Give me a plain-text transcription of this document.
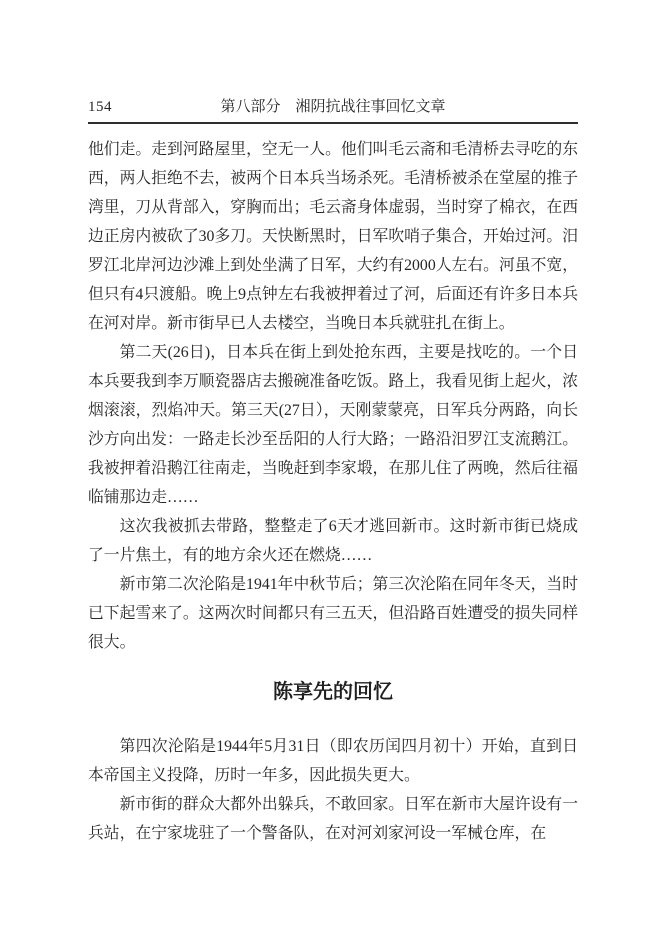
154	第八部分　湘阴抗战往事回忆文章

他们走。走到河路屋里，空无一人。他们叫毛云斋和毛清桥去寻吃的东西，两人拒绝不去，被两个日本兵当场杀死。毛清桥被杀在堂屋的推子湾里，刀从背部入，穿胸而出；毛云斋身体虚弱，当时穿了棉衣，在西边正房内被砍了30多刀。天快断黑时，日军吹哨子集合，开始过河。汨罗江北岸河边沙滩上到处坐满了日军，大约有2000人左右。河虽不宽，但只有4只渡船。晚上9点钟左右我被押着过了河，后面还有许多日本兵在河对岸。新市街早已人去楼空，当晚日本兵就驻扎在街上。

第二天(26日)，日本兵在街上到处抢东西，主要是找吃的。一个日本兵要我到李万顺瓷器店去搬碗准备吃饭。路上，我看见街上起火，浓烟滚滚，烈焰冲天。第三天(27日），天刚蒙蒙亮，日军兵分两路，向长沙方向出发：一路走长沙至岳阳的人行大路；一路沿汨罗江支流鹅江。我被押着沿鹅江往南走，当晚赶到李家塅，在那儿住了两晚，然后往福临铺那边走……

这次我被抓去带路，整整走了6天才逃回新市。这时新市街已烧成了一片焦土，有的地方余火还在燃烧……

新市第二次沦陷是1941年中秋节后；第三次沦陷在同年冬天，当时已下起雪来了。这两次时间都只有三五天，但沿路百姓遭受的损失同样很大。

陈享先的回忆

第四次沦陷是1944年5月31日（即农历闰四月初十）开始，直到日本帝国主义投降，历时一年多，因此损失更大。

新市街的群众大都外出躲兵，不敢回家。日军在新市大屋许设有一兵站，在宁家垅驻了一个警备队，在对河刘家河设一军械仓库，在
